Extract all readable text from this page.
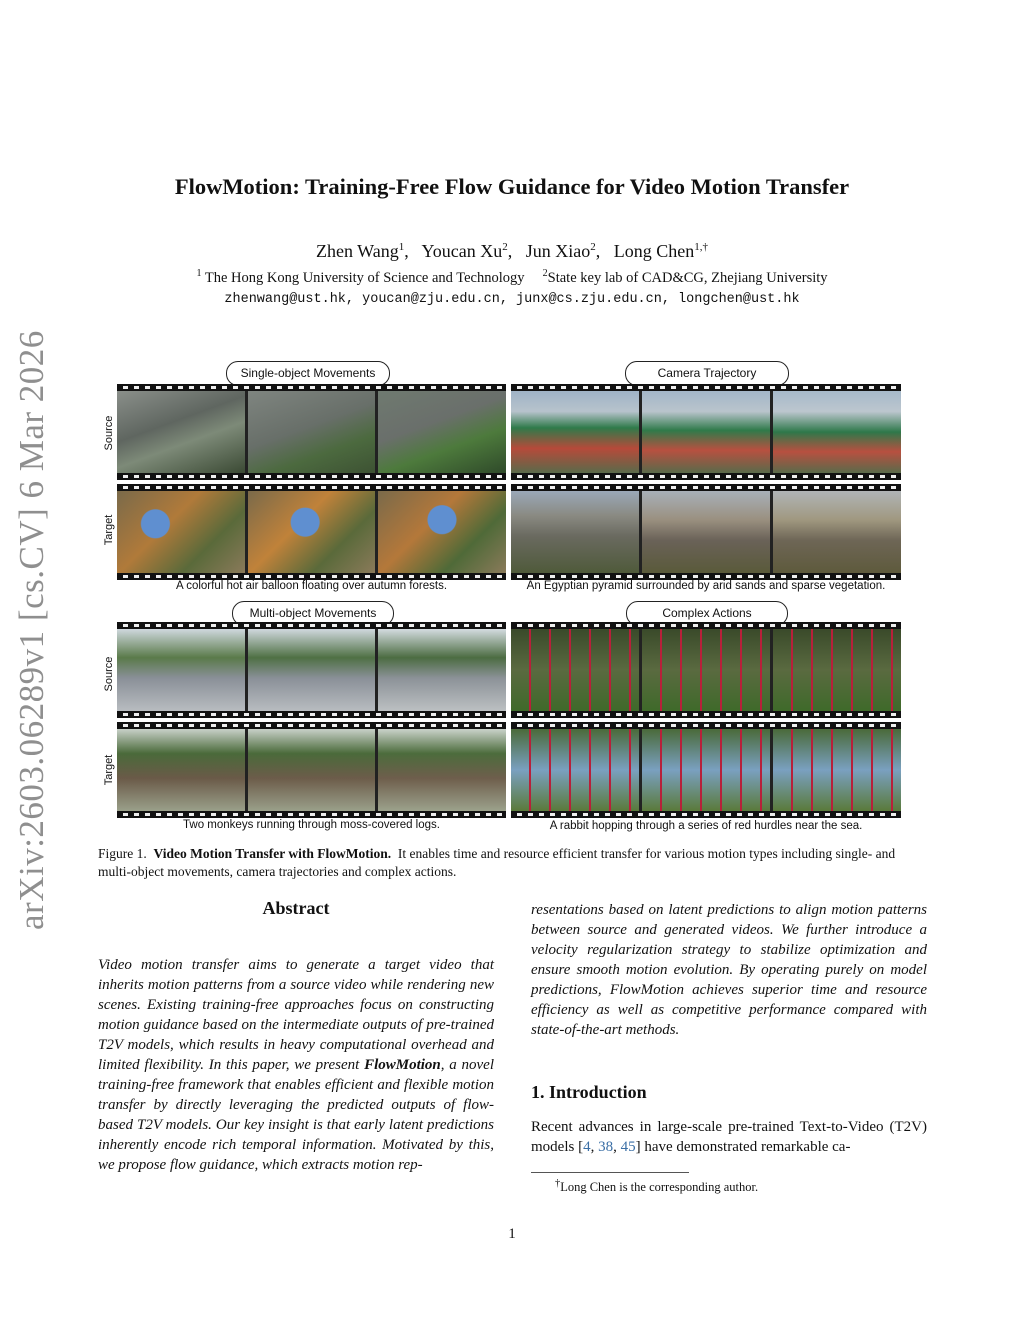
arXiv:2603.06289v1 [cs.CV] 6 Mar 2026
FlowMotion: Training-Free Flow Guidance for Video Motion Transfer
Zhen Wang$^1$,   Youcan Xu$^2$,   Jun Xiao$^2$,   Long Chen$^{1,\dagger}$
$^1$ The Hong Kong University of Science and Technology $^2$State key lab of CAD&CG, Zhejiang University
zhenwang@ust.hk, youcan@zju.edu.cn, junx@cs.zju.edu.cn, longchen@ust.hk
Single-object Movements
Source
Target
A colorful hot air balloon floating over autumn forests.
Camera Trajectory
An Egyptian pyramid surrounded by arid sands and sparse vegetation.
Multi-object Movements
Source
Target
Two monkeys running through moss-covered logs.
Complex Actions
A rabbit hopping through a series of red hurdles near the sea.
Figure 1. Video Motion Transfer with FlowMotion. It enables time and resource efficient transfer for various motion types including single- and multi-object movements, camera trajectories and complex actions.
Abstract
Video motion transfer aims to generate a target video that inherits motion patterns from a source video while rendering new scenes. Existing training-free approaches focus on constructing motion guidance based on the intermediate outputs of pre-trained T2V models, which results in heavy computational overhead and limited flexibility. In this paper, we present FlowMotion, a novel training-free framework that enables efficient and flexible motion transfer by directly leveraging the predicted outputs of flow-based T2V models. Our key insight is that early latent predictions inherently encode rich temporal information. Motivated by this, we propose flow guidance, which extracts motion rep-
resentations based on latent predictions to align motion patterns between source and generated videos. We further introduce a velocity regularization strategy to stabilize optimization and ensure smooth motion evolution. By operating purely on model predictions, FlowMotion achieves superior time and resource efficiency as well as competitive performance compared with state-of-the-art methods.
1. Introduction
Recent advances in large-scale pre-trained Text-to-Video (T2V) models [4, 38, 45] have demonstrated remarkable ca-
†Long Chen is the corresponding author.
1
